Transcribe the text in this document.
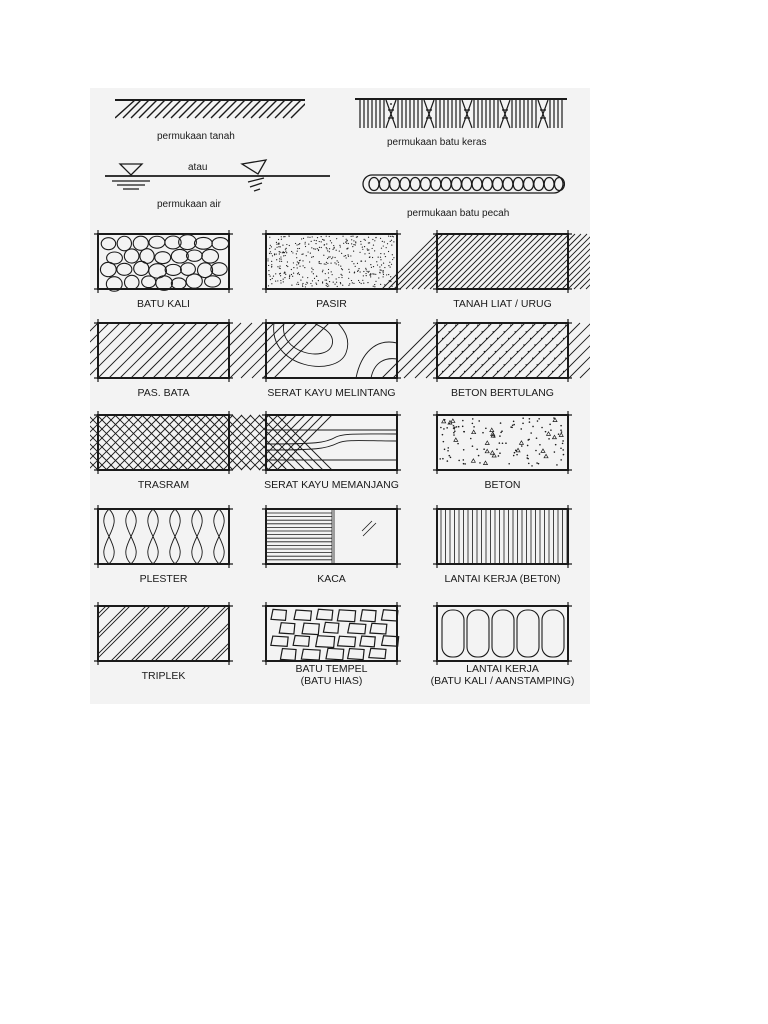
permukaan tanah
permukaan batu keras
atau
permukaan air
permukaan batu pecah
BATU KALI	PASIR	TANAH LIAT / URUG
PAS. BATA	SERAT KAYU MELINTANG	BETON BERTULANG
TRASRAM	SERAT KAYU MEMANJANG	BETON
PLESTER	KACA	LANTAI KERJA (BET0N)
TRIPLEK
BATU TEMPEL
(BATU HIAS)
LANTAI KERJA
(BATU KALI / AANSTAMPING)
